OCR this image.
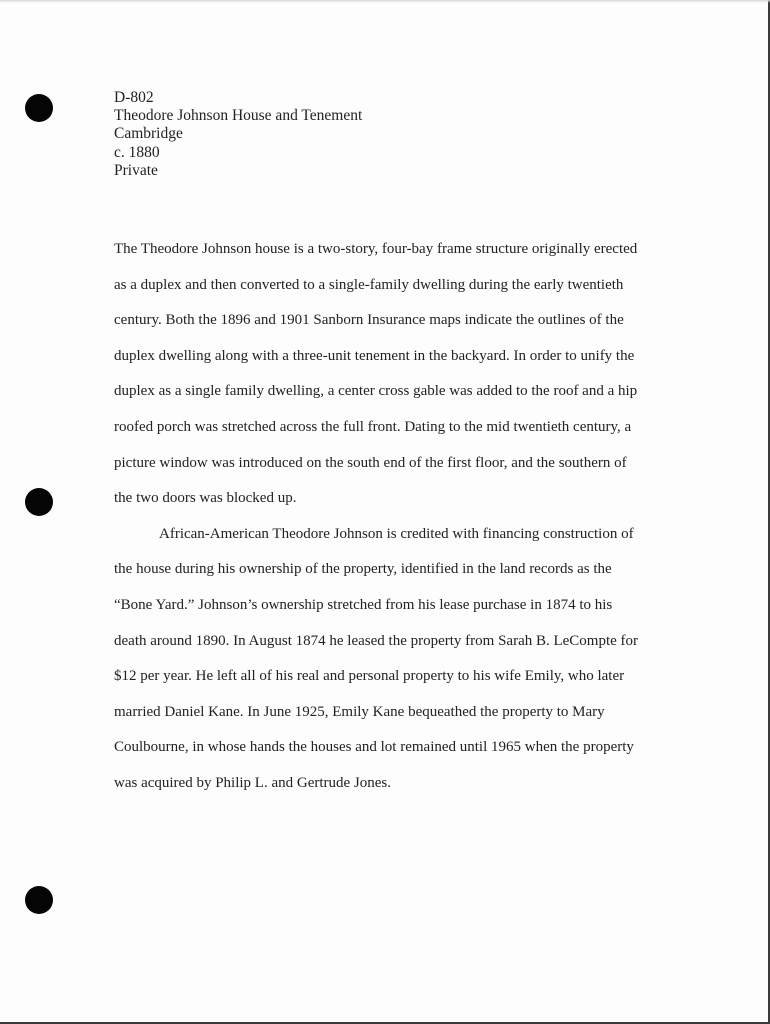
D-802
Theodore Johnson House and Tenement
Cambridge
c. 1880
Private
The Theodore Johnson house is a two-story, four-bay frame structure originally erected
as a duplex and then converted to a single-family dwelling during the early twentieth
century. Both the 1896 and 1901 Sanborn Insurance maps indicate the outlines of the
duplex dwelling along with a three-unit tenement in the backyard. In order to unify the
duplex as a single family dwelling, a center cross gable was added to the roof and a hip
roofed porch was stretched across the full front. Dating to the mid twentieth century, a
picture window was introduced on the south end of the first floor, and the southern of
the two doors was blocked up.
African-American Theodore Johnson is credited with financing construction of
the house during his ownership of the property, identified in the land records as the
“Bone Yard.” Johnson’s ownership stretched from his lease purchase in 1874 to his
death around 1890. In August 1874 he leased the property from Sarah B. LeCompte for
$12 per year. He left all of his real and personal property to his wife Emily, who later
married Daniel Kane. In June 1925, Emily Kane bequeathed the property to Mary
Coulbourne, in whose hands the houses and lot remained until 1965 when the property
was acquired by Philip L. and Gertrude Jones.
